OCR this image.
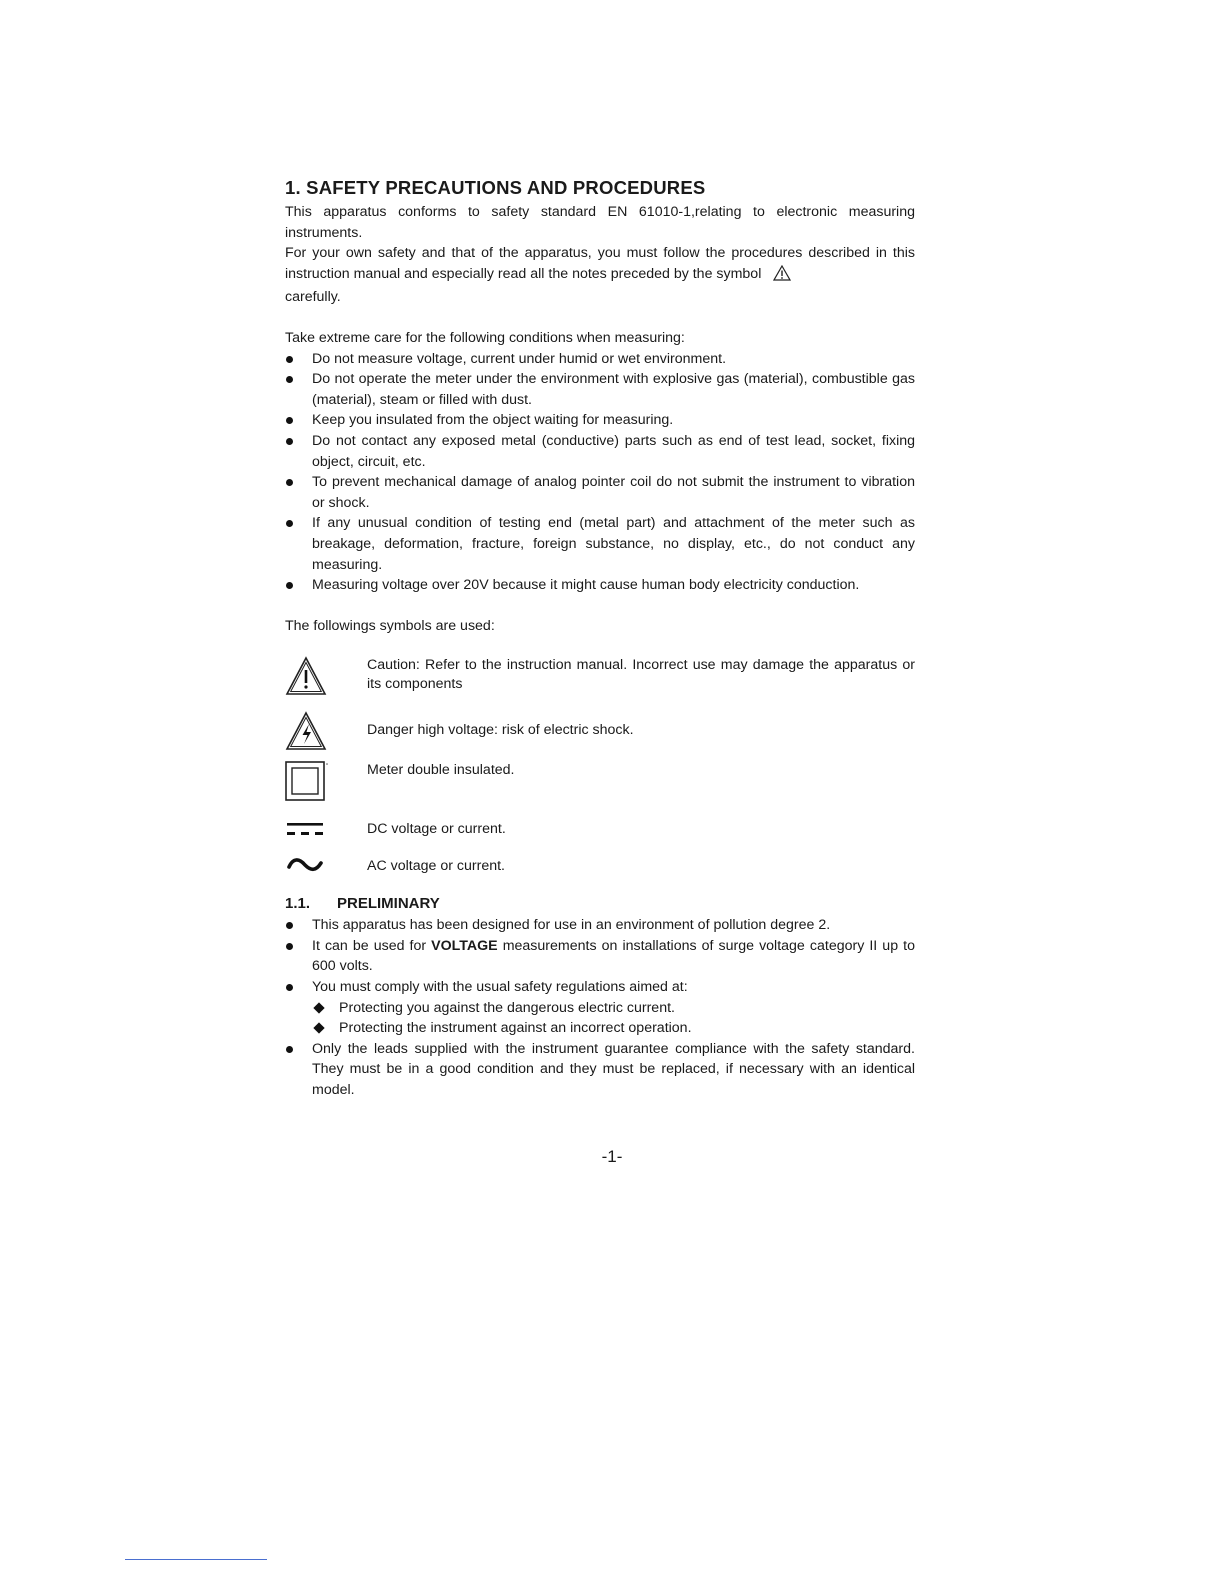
1. SAFETY PRECAUTIONS AND PROCEDURES

This apparatus conforms to safety standard EN 61010-1,relating to electronic measuring instruments.

For your own safety and that of the apparatus, you must follow the procedures described in this instruction manual and especially read all the notes preceded by the symbol
carefully.

Take extreme care for the following conditions when measuring:

Do not measure voltage, current under humid or wet environment.
Do not operate the meter under the environment with explosive gas (material), combustible gas (material), steam or filled with dust.
Keep you insulated from the object waiting for measuring.
Do not contact any exposed metal (conductive) parts such as end of test lead, socket, fixing object, circuit, etc.
To prevent mechanical damage of analog pointer coil do not submit the instrument to vibration or shock.
If any unusual condition of testing end (metal part) and attachment of the meter such as breakage, deformation, fracture, foreign substance, no display, etc., do not conduct any measuring.
Measuring voltage over 20V because it might cause human body electricity conduction.

The followings symbols are used:

Caution: Refer to the instruction manual. Incorrect use may damage the apparatus or its components
Danger high voltage: risk of electric shock.
Meter double insulated.
DC voltage or current.
AC voltage or current.
1.1. PRELIMINARY
This apparatus has been designed for use in an environment of pollution degree 2.
It can be used for VOLTAGE measurements on installations of surge voltage category II up to 600 volts.
You must comply with the usual safety regulations aimed at:
Protecting you against the dangerous electric current.
Protecting the instrument against an incorrect operation.
Only the leads supplied with the instrument guarantee compliance with the safety standard. They must be in a good condition and they must be replaced, if necessary with an identical model.
-1-
